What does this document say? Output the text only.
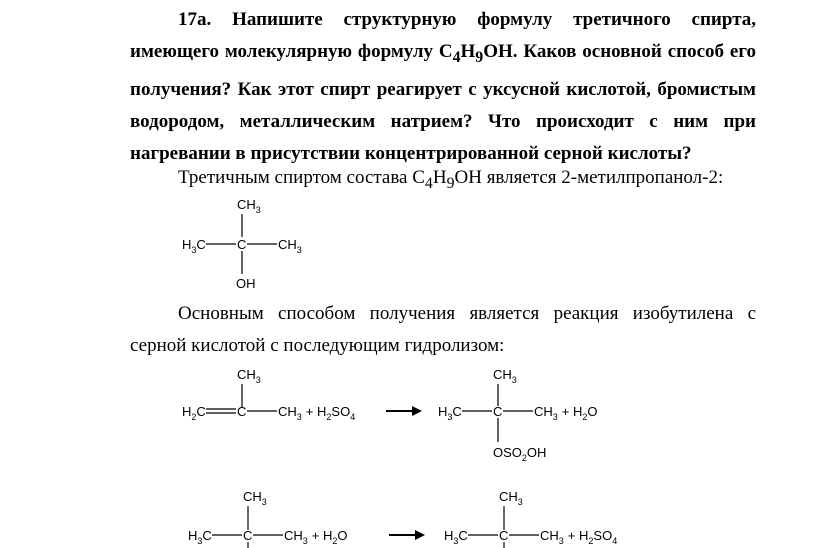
17а. Напишите структурную формулу третичного спирта, имеющего молекулярную формулу $C_4H_9OH$. Каков основной способ его получения? Как этот спирт реагирует с уксусной кислотой, бромистым водородом, металлическим натрием? Что происходит с ним при нагревании в присутствии концентрированной серной кислоты?
Третичным спиртом состава $C_4H_9OH$ является 2-метилпропанол-2:
Основным способом получения является реакция изобутилена с серной кислотой с последующим гидролизом:
$CH_3$
$H_3C$ C $CH_3$
OH
$CH_3$
$H_2C$ C $CH_3 + H_2SO_4$
$CH_3$
$H_3C$ C $CH_3 + H_2O$
$OSO_2OH$
$CH_3$
$H_3C$ C $CH_3 + H_2O$
$CH_3$
$H_3C$ C $CH_3 + H_2SO_4$
